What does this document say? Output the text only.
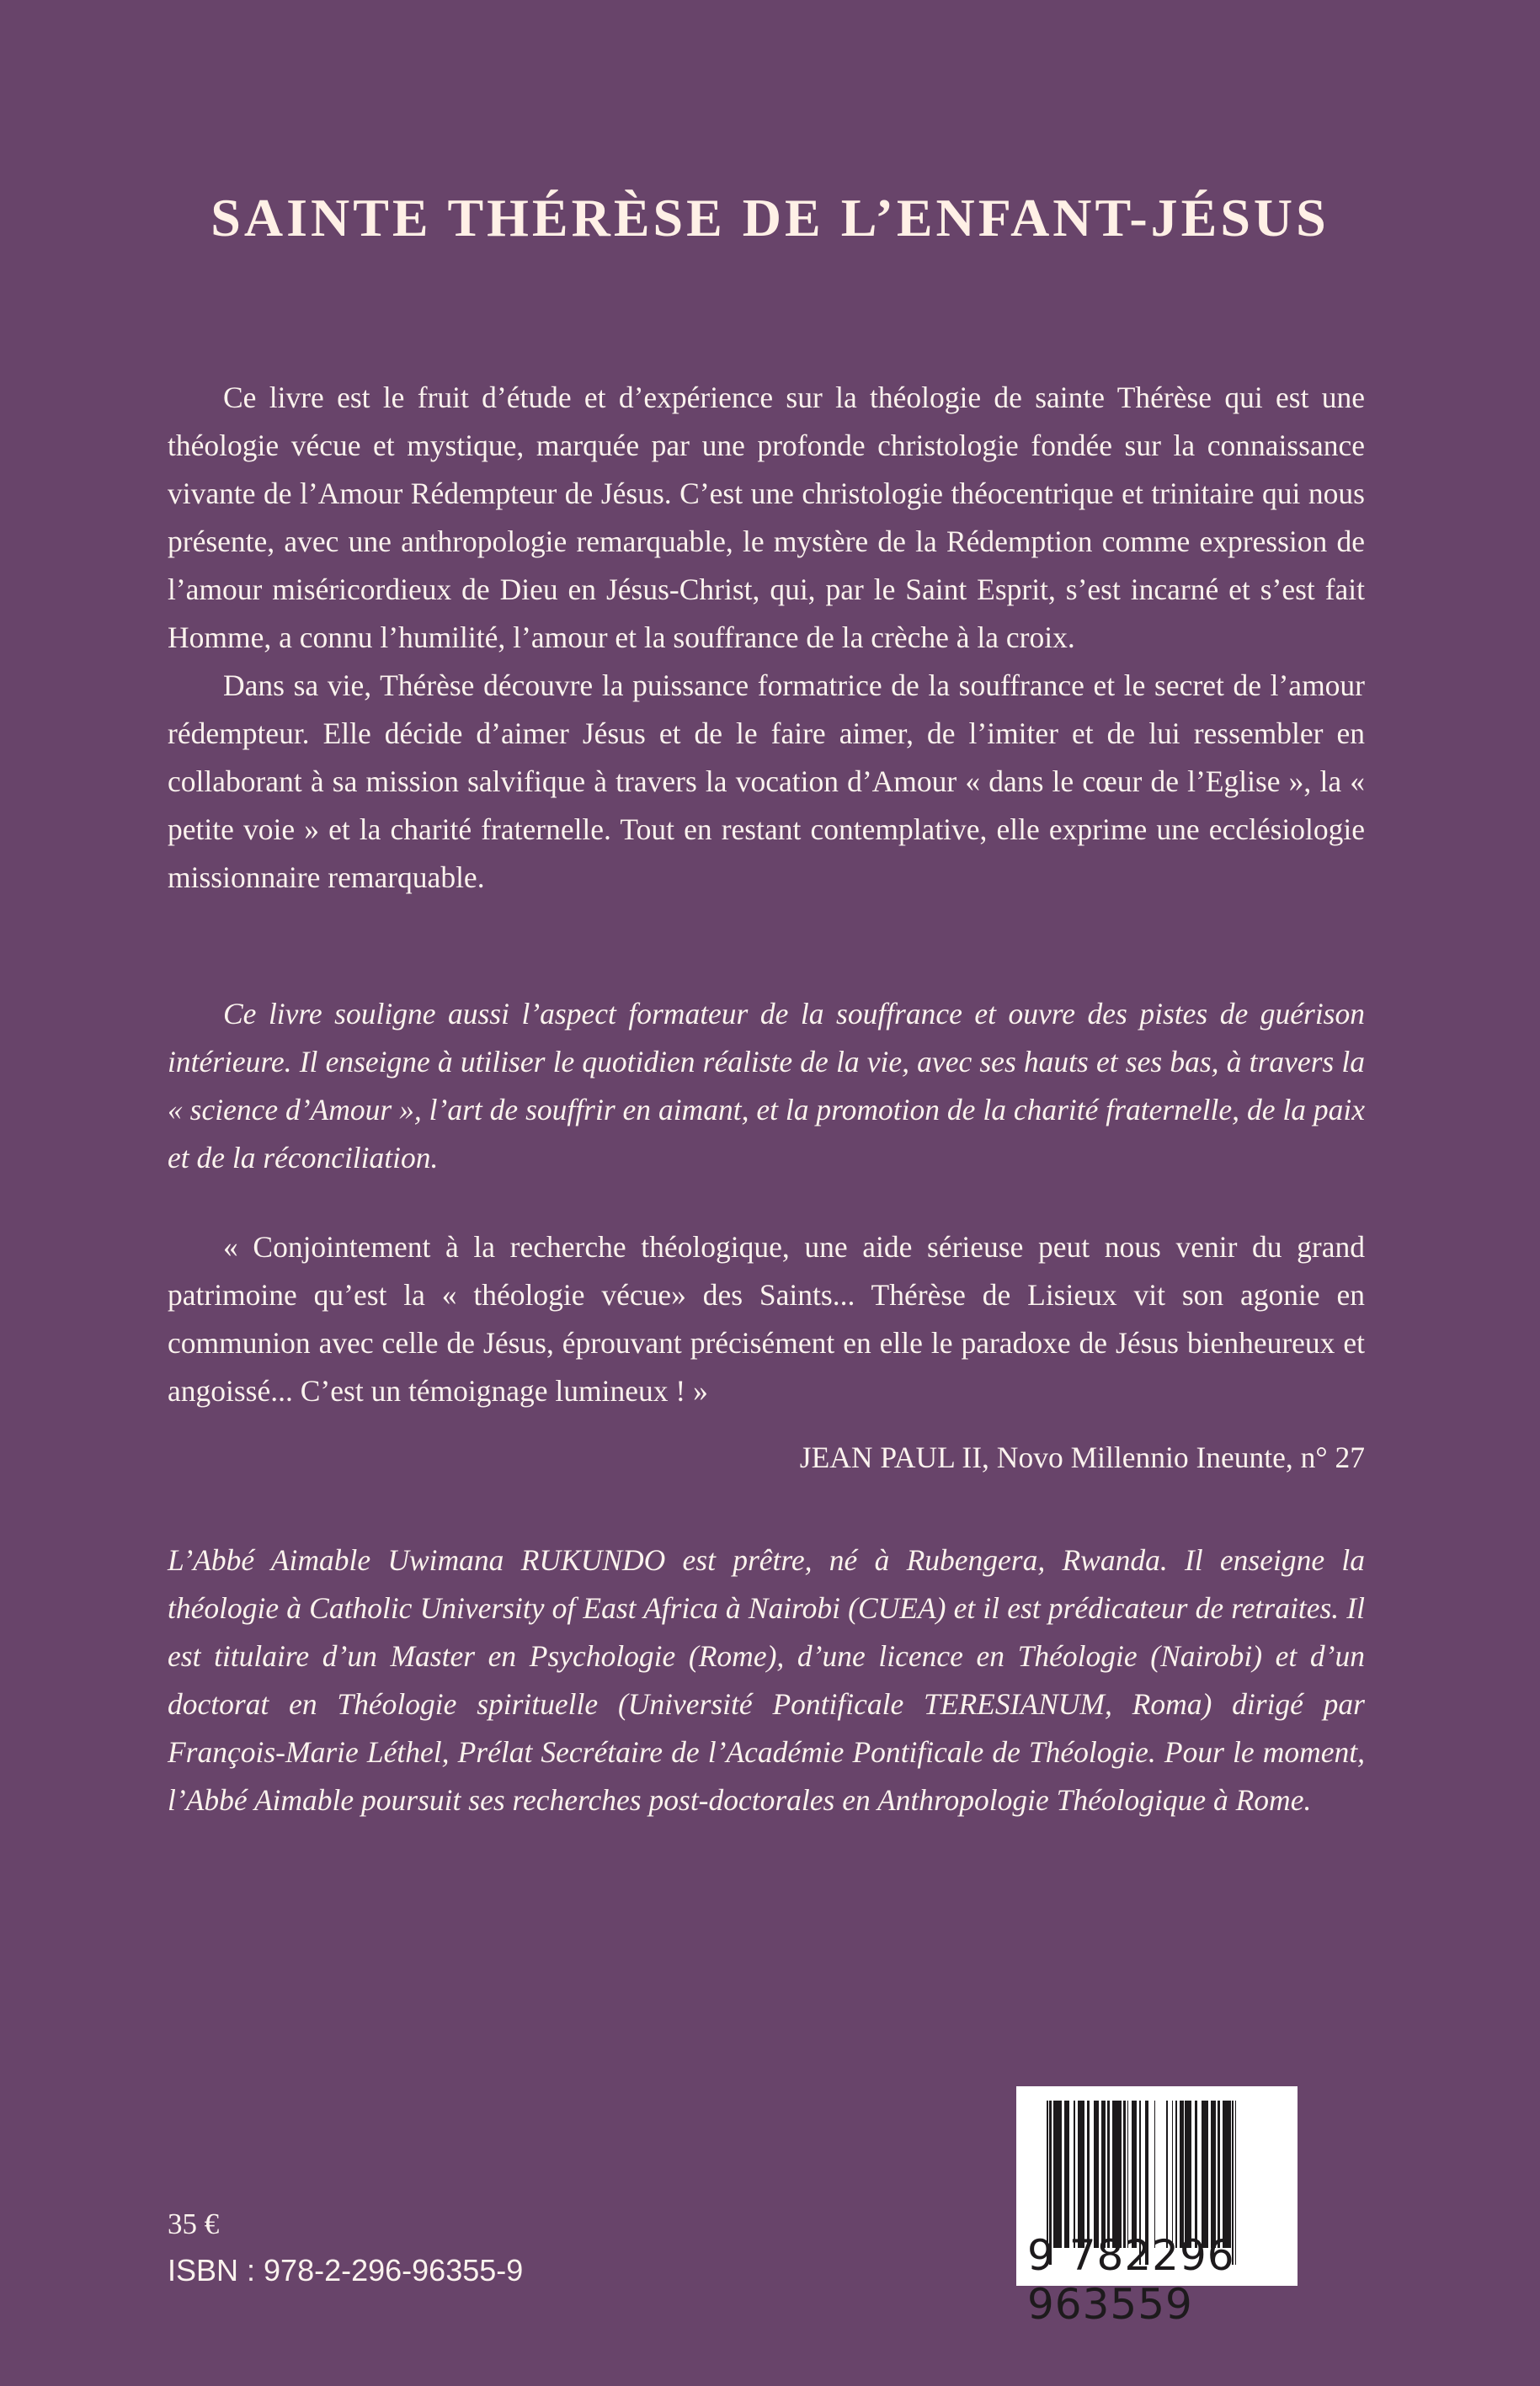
SAINTE THÉRÈSE DE L’ENFANT-JÉSUS

Ce livre est le fruit d’étude et d’expérience sur la théologie de sainte Thérèse qui est une théologie vécue et mystique, marquée par une profonde christologie fondée sur la connaissance vivante de l’Amour Rédempteur de Jésus. C’est une christologie théocentrique et trinitaire qui nous présente, avec une anthropologie remarquable, le mystère de la Rédemption comme expression de l’amour miséricordieux de Dieu en Jésus-Christ, qui, par le Saint Esprit, s’est incarné et s’est fait Homme, a connu l’humilité, l’amour et la souffrance de la crèche à la croix.

Dans sa vie, Thérèse découvre la puissance formatrice de la souffrance et le secret de l’amour rédempteur. Elle décide d’aimer Jésus et de le faire aimer, de l’imiter et de lui ressembler en collaborant à sa mission salvifique à travers la vocation d’Amour « dans le cœur de l’Eglise », la « petite voie » et la charité fraternelle. Tout en restant contemplative, elle exprime une ecclésiologie missionnaire remarquable.

Ce livre souligne aussi l’aspect formateur de la souffrance et ouvre des pistes de guérison intérieure. Il enseigne à utiliser le quotidien réaliste de la vie, avec ses hauts et ses bas, à travers la « science d’Amour », l’art de souffrir en aimant, et la promotion de la charité fraternelle, de la paix et de la réconciliation.

« Conjointement à la recherche théologique, une aide sérieuse peut nous venir du grand patrimoine qu’est la « théologie vécue» des Saints... Thérèse de Lisieux vit son agonie en communion avec celle de Jésus, éprouvant précisément en elle le paradoxe de Jésus bienheureux et angoissé... C’est un témoignage lumineux ! »

JEAN PAUL II, Novo Millennio Ineunte, n° 27

L’Abbé Aimable Uwimana RUKUNDO est prêtre, né à Rubengera, Rwanda. Il enseigne la théologie à Catholic University of East Africa à Nairobi (CUEA) et il est prédicateur de retraites. Il est titulaire d’un Master en Psychologie (Rome), d’une licence en Théologie (Nairobi) et d’un doctorat en Théologie spirituelle (Université Pontificale TERESIANUM, Roma) dirigé par François-Marie Léthel, Prélat Secrétaire de l’Académie Pontificale de Théologie. Pour le moment, l’Abbé Aimable poursuit ses recherches post-doctorales en Anthropologie Théologique à Rome.

35 €
ISBN : 978-2-296-96355-9	9 782296 963559
